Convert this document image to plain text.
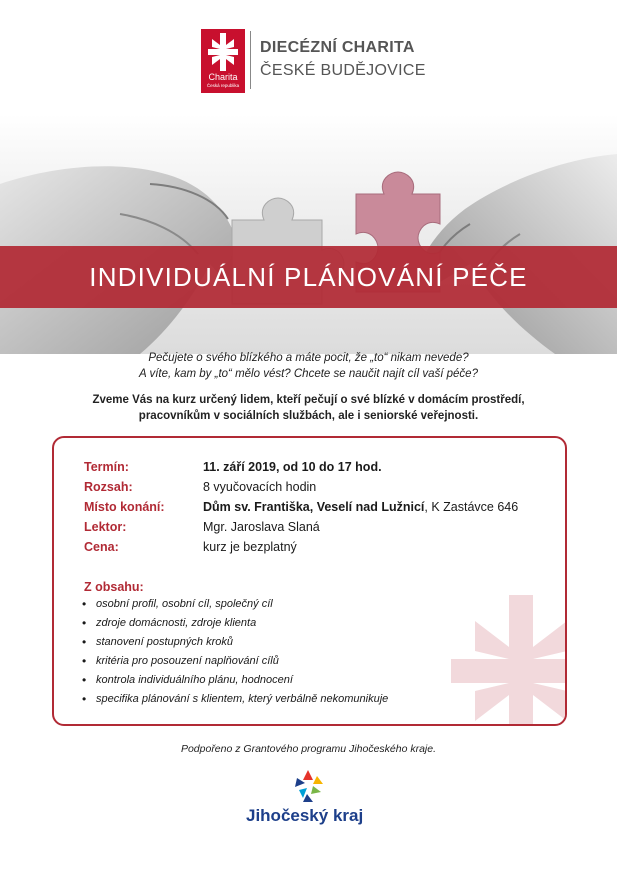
Charita
Česká republika
DIECÉZNÍ CHARITA
ČESKÉ BUDĚJOVICE
INDIVIDUÁLNÍ PLÁNOVÁNÍ PÉČE
Pečujete o svého blízkého a máte pocit, že „to“ nikam nevede?
A víte, kam by „to“ mělo vést? Chcete se naučit najít cíl vaší péče?
Zveme Vás na kurz určený lidem, kteří pečují o své blízké v domácím prostředí,
pracovníkům v sociálních službách, ale i seniorské veřejnosti.
Termín:	11. září 2019, od 10 do 17 hod.
Rozsah:	8 vyučovacích hodin
Místo konání:	Dům sv. Františka, Veselí nad Lužnicí, K Zastávce 646
Lektor:	Mgr. Jaroslava Slaná
Cena:	kurz je bezplatný
Z obsahu:
• osobní profil, osobní cíl, společný cíl
• zdroje domácnosti, zdroje klienta
• stanovení postupných kroků
• kritéria pro posouzení naplňování cílů
• kontrola individuálního plánu, hodnocení
• specifika plánování s klientem, který verbálně nekomunikuje
Podpořeno z Grantového programu Jihočeského kraje.
Jihočeský kraj
